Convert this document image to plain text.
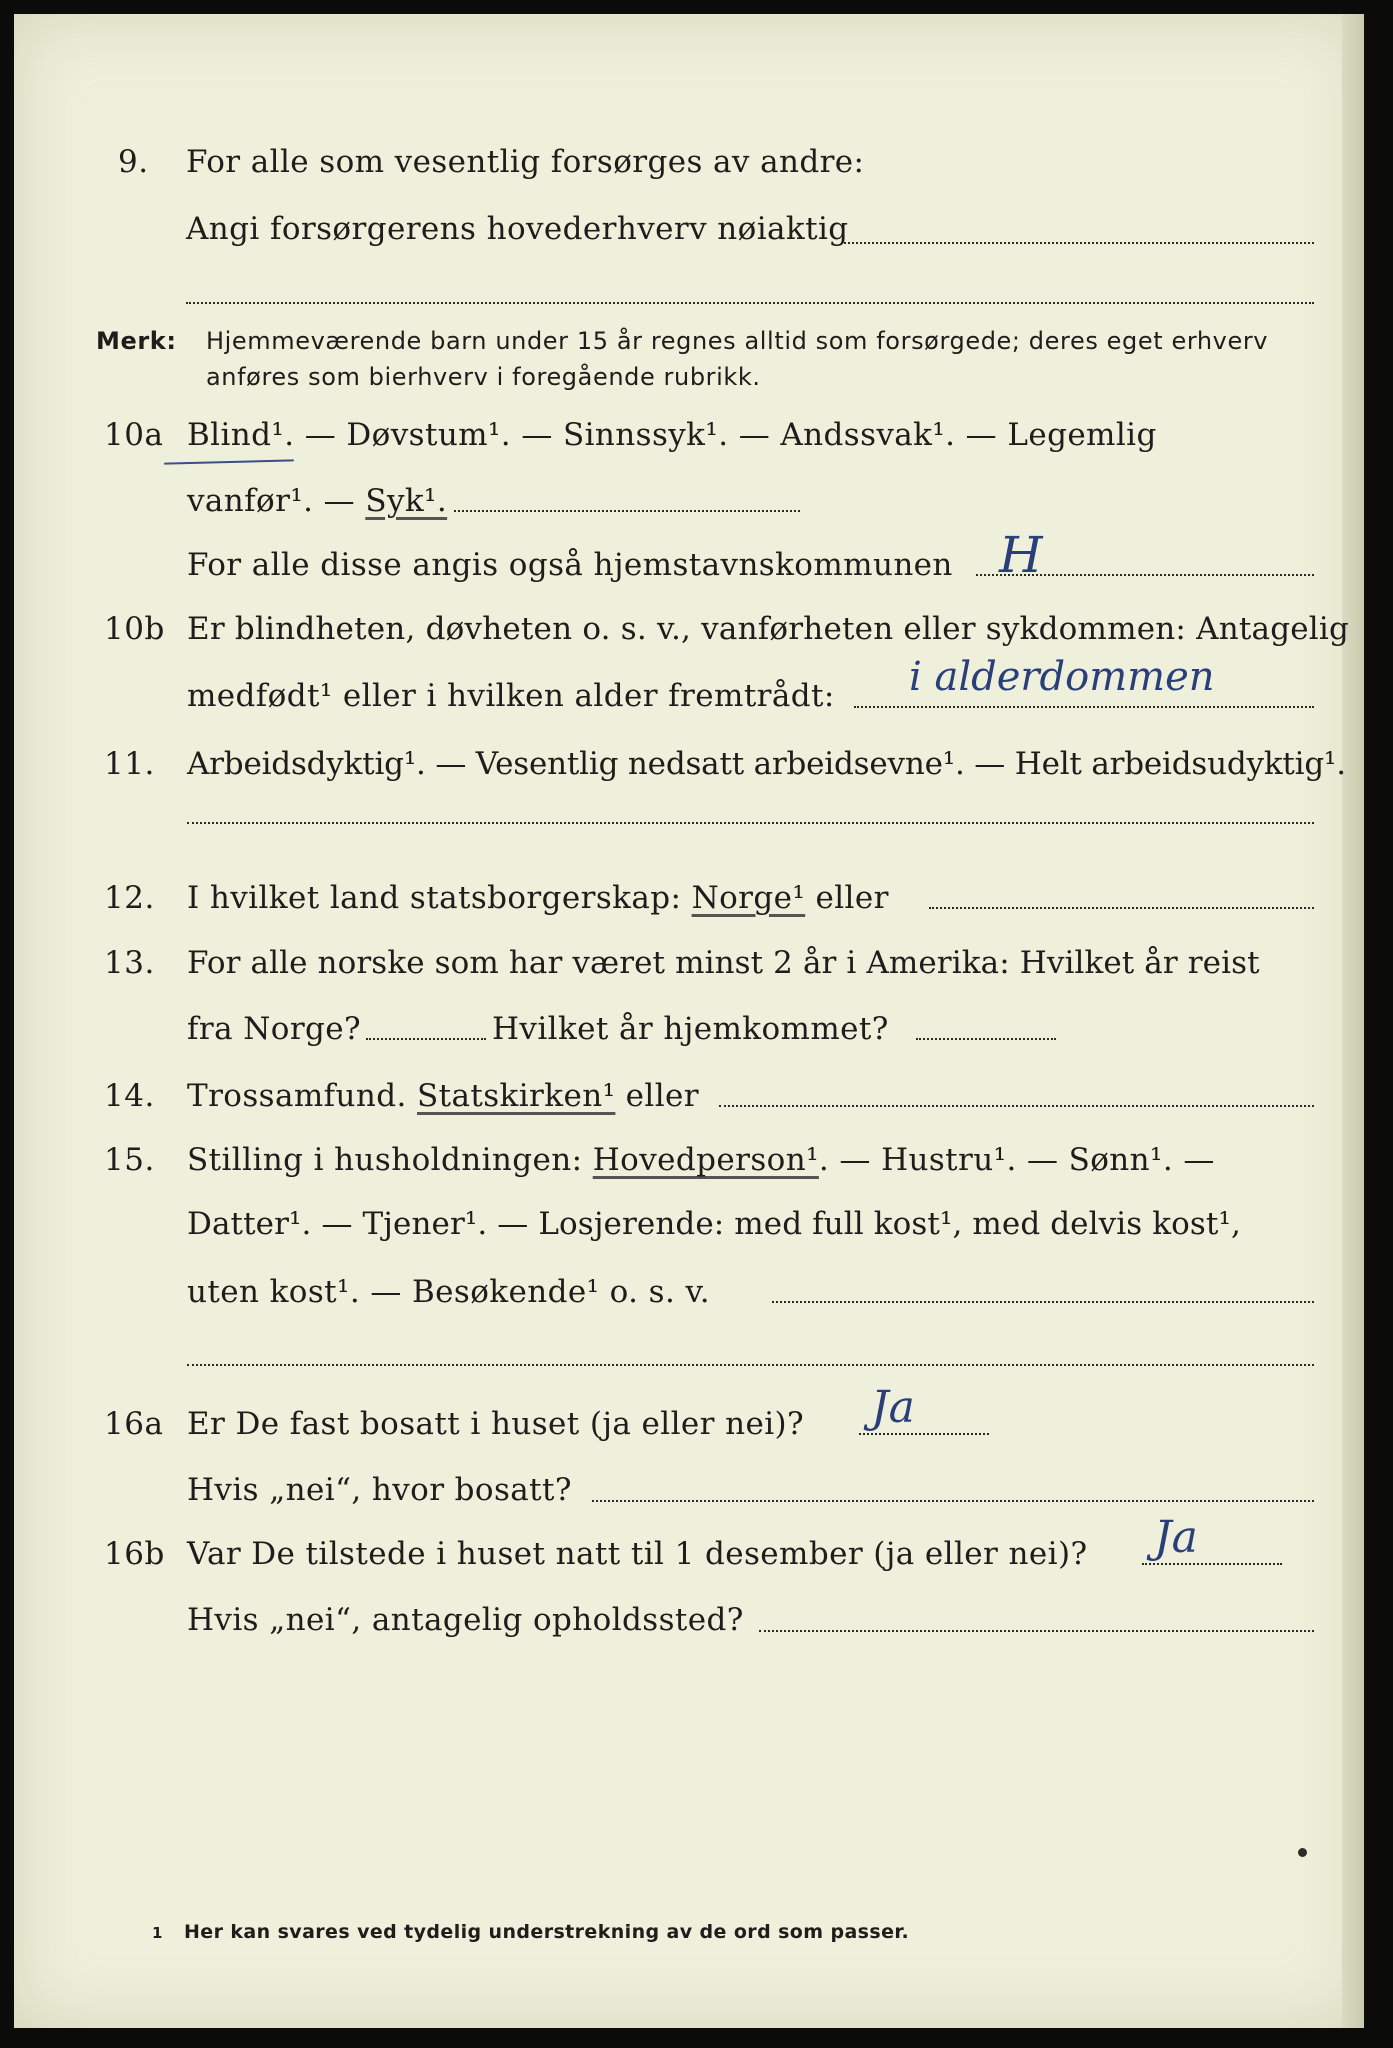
9. For alle som vesentlig forsørges av andre:
Angi forsørgerens hovederhverv nøiaktig
Merk: Hjemmeværende barn under 15 år regnes alltid som forsørgede; deres eget erhverv
anføres som bierhverv i foregående rubrikk.
10a Blind¹. — Døvstum¹. — Sinnssyk¹. — Andssvak¹. — Legemlig
vanfør¹. — Syk¹.
For alle disse angis også hjemstavnskommunen H
10b Er blindheten, døvheten o. s. v., vanførheten eller sykdommen: Antagelig
medfødt¹ eller i hvilken alder fremtrådt: i alderdommen
11. Arbeidsdyktig¹. — Vesentlig nedsatt arbeidsevne¹. — Helt arbeidsudyktig¹.
12. I hvilket land statsborgerskap: Norge¹ eller
13. For alle norske som har været minst 2 år i Amerika: Hvilket år reist
fra Norge?	Hvilket år hjemkommet?
14. Trossamfund. Statskirken¹ eller
15. Stilling i husholdningen: Hovedperson¹. — Hustru¹. — Sønn¹. —
Datter¹. — Tjener¹. — Losjerende: med full kost¹, med delvis kost¹,
uten kost¹. — Besøkende¹ o. s. v.
16a Er De fast bosatt i huset (ja eller nei)? Ja
Hvis „nei“, hvor bosatt?
16b Var De tilstede i huset natt til 1 desember (ja eller nei)? Ja
Hvis „nei“, antagelig opholdssted?
1 Her kan svares ved tydelig understrekning av de ord som passer.
